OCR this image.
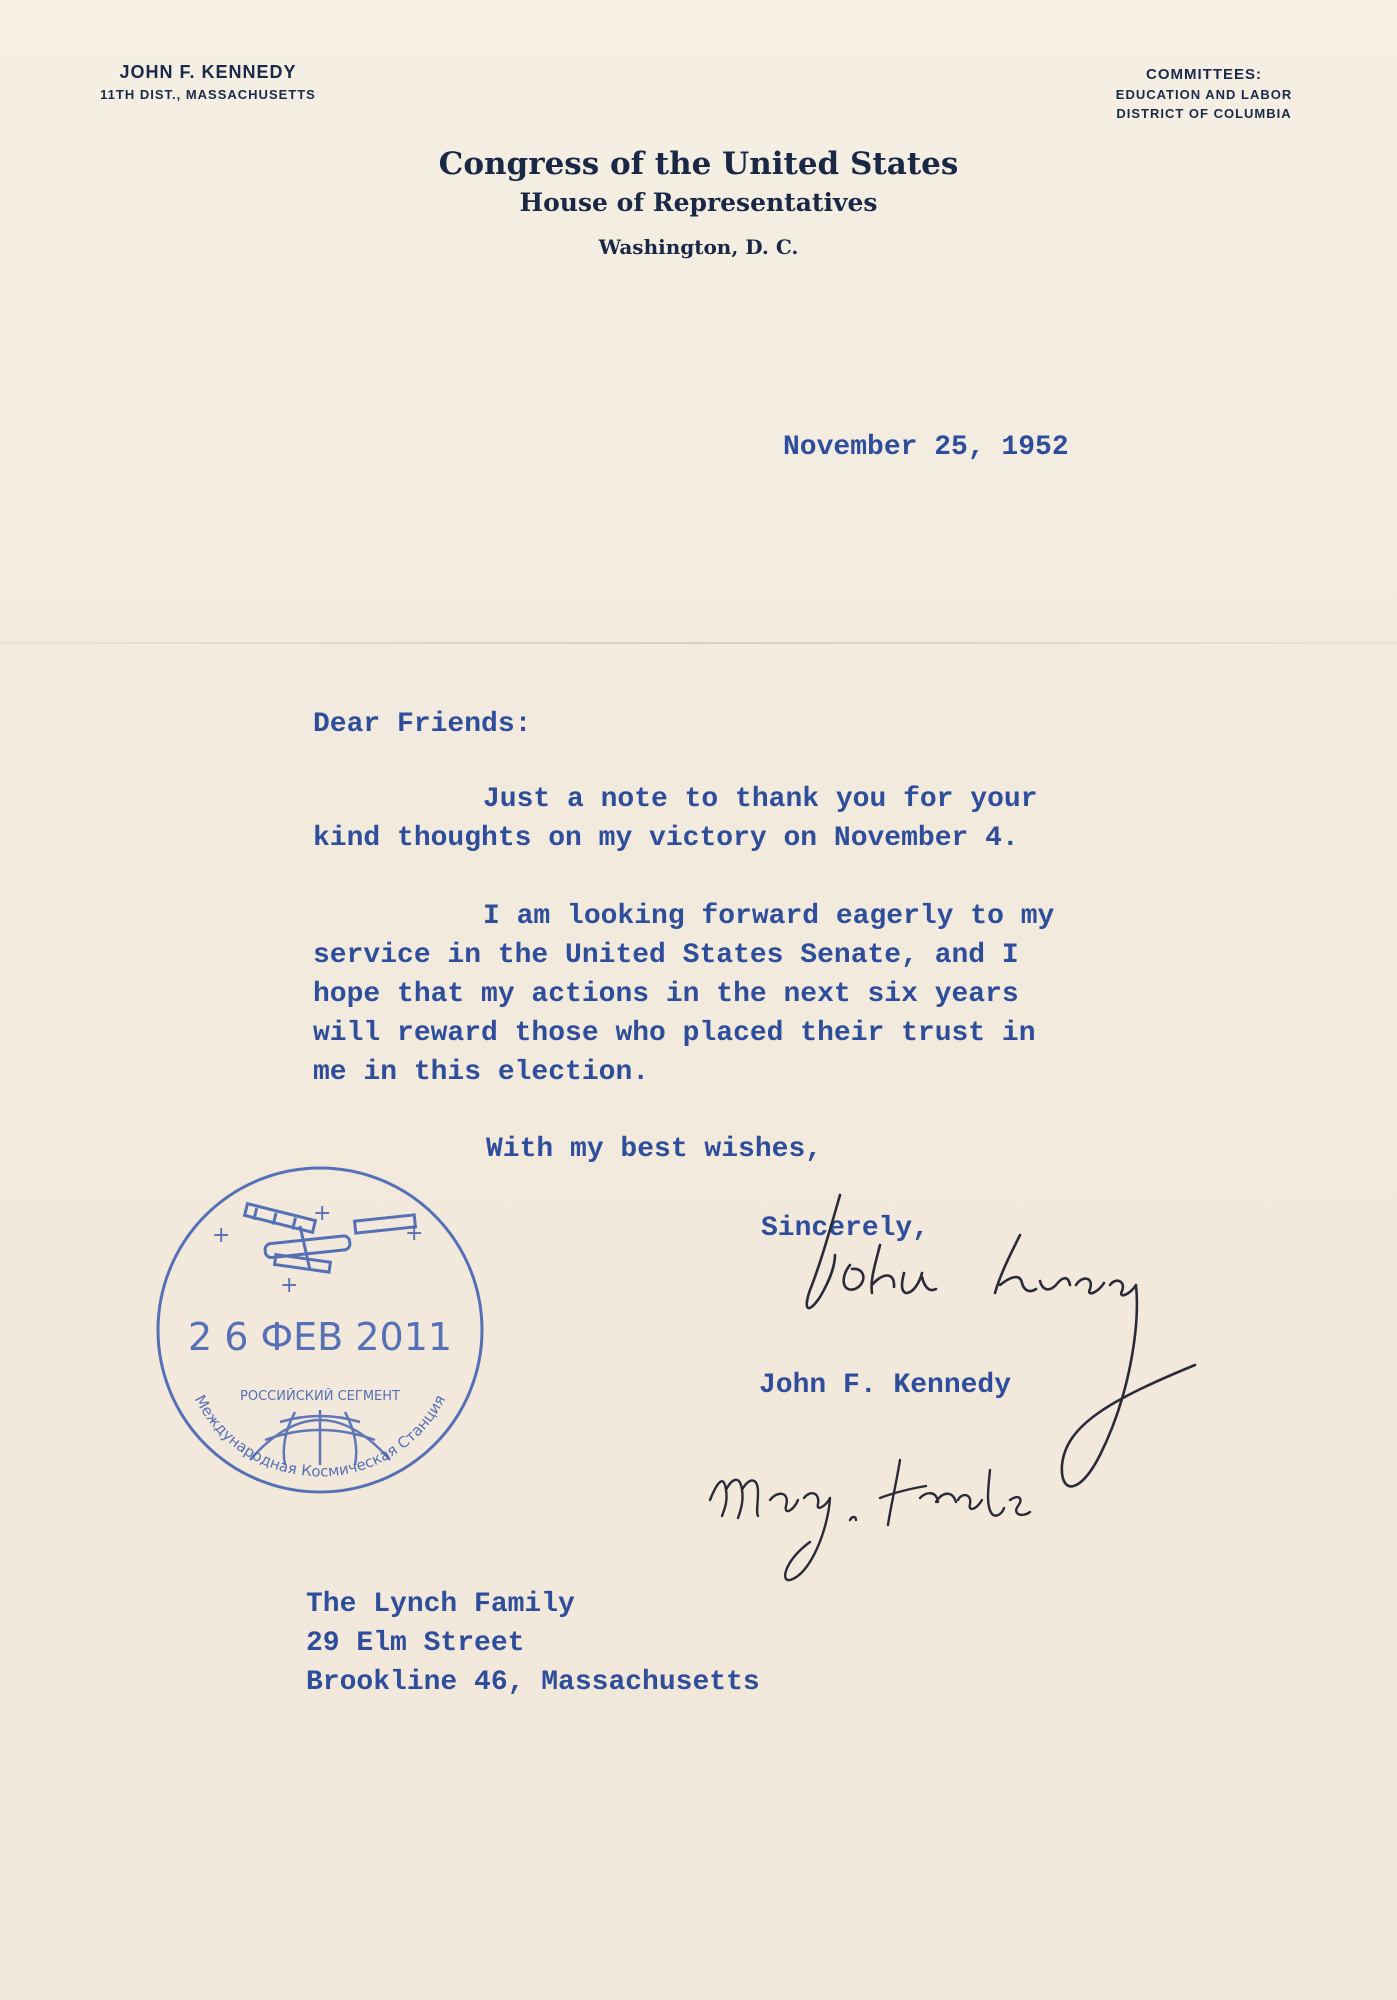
JOHN F. KENNEDY
11TH DIST., MASSACHUSETTS
COMMITTEES:
EDUCATION AND LABOR
DISTRICT OF COLUMBIA
Congress of the United States
House of Representatives
Washington, D. C.
November 25, 1952
Dear Friends:
Just a note to thank you for your
kind thoughts on my victory on November 4.
I am looking forward eagerly to my
service in the United States Senate, and I
hope that my actions in the next six years
will reward those who placed their trust in
me in this election.
With my best wishes,
Sincerely,
John F. Kennedy
The Lynch Family
29 Elm Street
Brookline 46, Massachusetts
+
+
+
+
2 6 ФЕВ 2011
РОССИЙСКИЙ СЕГМЕНТ
Международная Космическая Станция
